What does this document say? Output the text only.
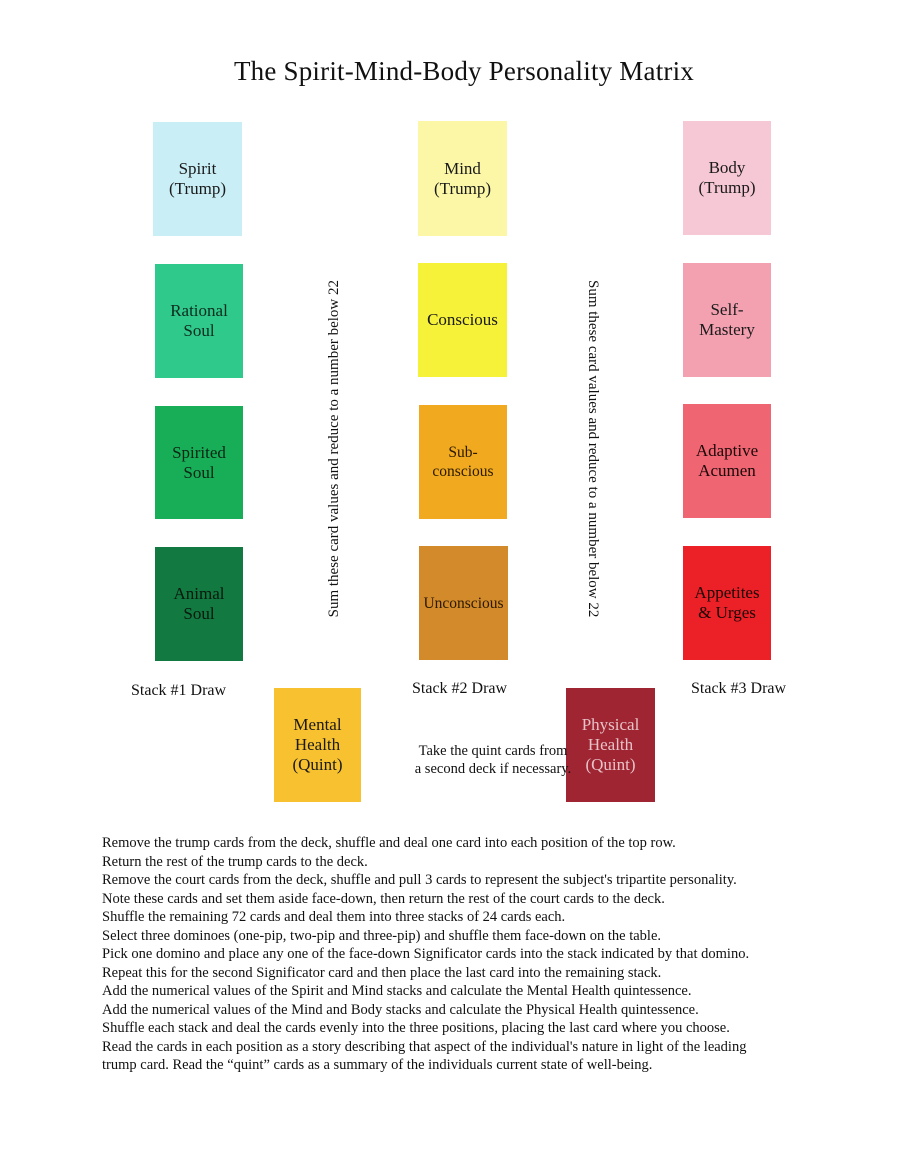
The Spirit-Mind-Body Personality Matrix
Spirit
(Trump)
Rational
Soul
Spirited
Soul
Animal
Soul
Mind
(Trump)
Conscious
Sub-
conscious
Unconscious
Body
(Trump)
Self-
Mastery
Adaptive
Acumen
Appetites
& Urges
Sum these card values and reduce to a number below 22	Sum these card values and reduce to a number below 22
Stack #1 Draw	Stack #2 Draw	Stack #3 Draw
Mental
Health
(Quint)
Physical
Health
(Quint)
Take the quint cards from
a second deck if necessary.
Remove the trump cards from the deck, shuffle and deal one card into each position of the top row.
Return the rest of the trump cards to the deck.
Remove the court cards from the deck, shuffle and pull 3 cards to represent the subject's tripartite personality.
Note these cards and set them aside face-down, then return the rest of the court cards to the deck.
Shuffle the remaining 72 cards and deal them into three stacks of 24 cards each.
Select three dominoes (one-pip, two-pip and three-pip) and shuffle them face-down on the table.
Pick one domino and place any one of the face-down Significator cards into the stack indicated by that domino.
Repeat this for the second Significator card and then place the last card into the remaining stack.
Add the numerical values of the Spirit and Mind stacks and calculate the Mental Health quintessence.
Add the numerical values of the Mind and Body stacks and calculate the Physical Health quintessence.
Shuffle each stack and deal the cards evenly into the three positions, placing the last card where you choose.
Read the cards in each position as a story describing that aspect of the individual's nature in light of the leading
trump card. Read the “quint” cards as a summary of the individuals current state of well-being.
